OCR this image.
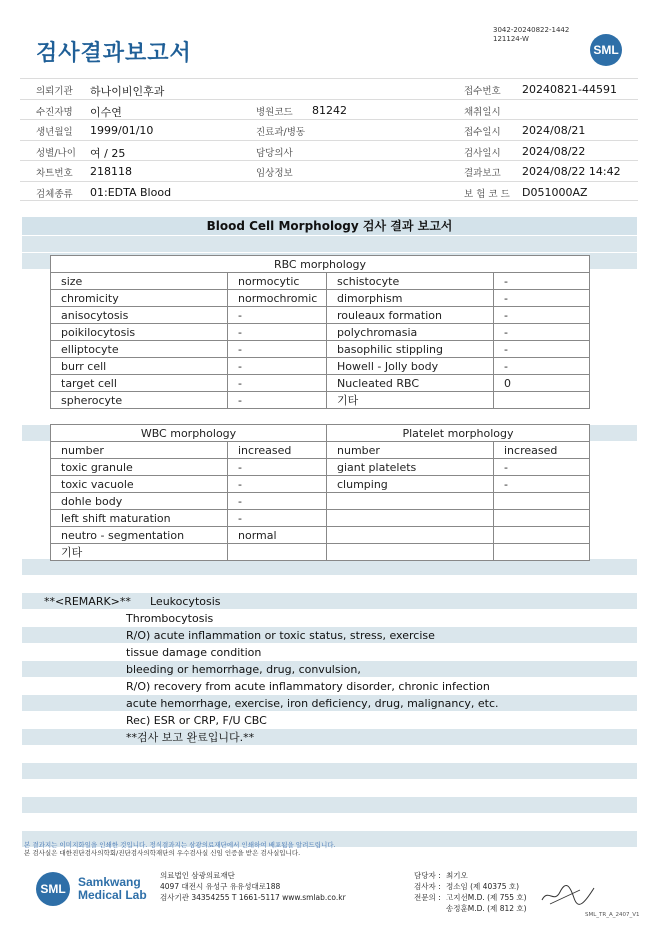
검사결과보고서
3042-20240822-1442
121124-W
SML
의뢰기관 하나이비인후과	접수번호 20240821-44591
수진자명 이수연	병원코드 81242	채취일시
생년월일 1999/01/10	진료과/병동	접수일시 2024/08/21
성별/나이 여 / 25	담당의사	검사일시 2024/08/22
차트번호 218118	임상정보	결과보고 2024/08/22 14:42
검체종류 01:EDTA Blood	보 험 코 드 D051000AZ
Blood Cell Morphology 검사 결과 보고서
RBC morphology			
size	normocytic	schistocyte	-
chromicity	normochromic	dimorphism	-
anisocytosis	-	rouleaux formation	-
poikilocytosis	-	polychromasia	-
elliptocyte	-	basophilic stippling	-
burr cell	-	Howell - Jolly body	-
target cell	-	Nucleated RBC	0
spherocyte	-	기타	
WBC morphology		Platelet morphology	
number	increased	number	increased
toxic granule	-	giant platelets	-
toxic vacuole	-	clumping	-
dohle body	-		
left shift maturation	-		
neutro - segmentation	normal		
기타			
**<REMARK>** Leukocytosis
Thrombocytosis
R/O) acute inflammation or toxic status, stress, exercise
tissue damage condition
bleeding or hemorrhage, drug, convulsion,
R/O) recovery from acute inflammatory disorder, chronic infection
acute hemorrhage, exercise, iron deficiency, drug, malignancy, etc.
Rec) ESR or CRP, F/U CBC
**검사 보고 완료입니다.**
본 결과지는 이미지화일을 인쇄한 것입니다. 정식결과지는 삼광의료재단에서 인쇄하여 배포됨을 알려드립니다.
본 검사실은 대한진단검사의학회/진단검사의학재단의 우수검사실 신임 인증을 받은 검사실입니다.
SML	Samkwang
Medical Lab
의료법인 삼광의료재단
4097 대전시 유성구 유유성대로188
검사기관 34354255 T 1661-5117 www.smlab.co.kr
담당자 : 최기오
검사자 : 정소임 (제 40375 호)
전문의 : 고지선M.D. (제 755 호)
송정훈M.D. (제 812 호)
SML_TR_A_2407_V1
